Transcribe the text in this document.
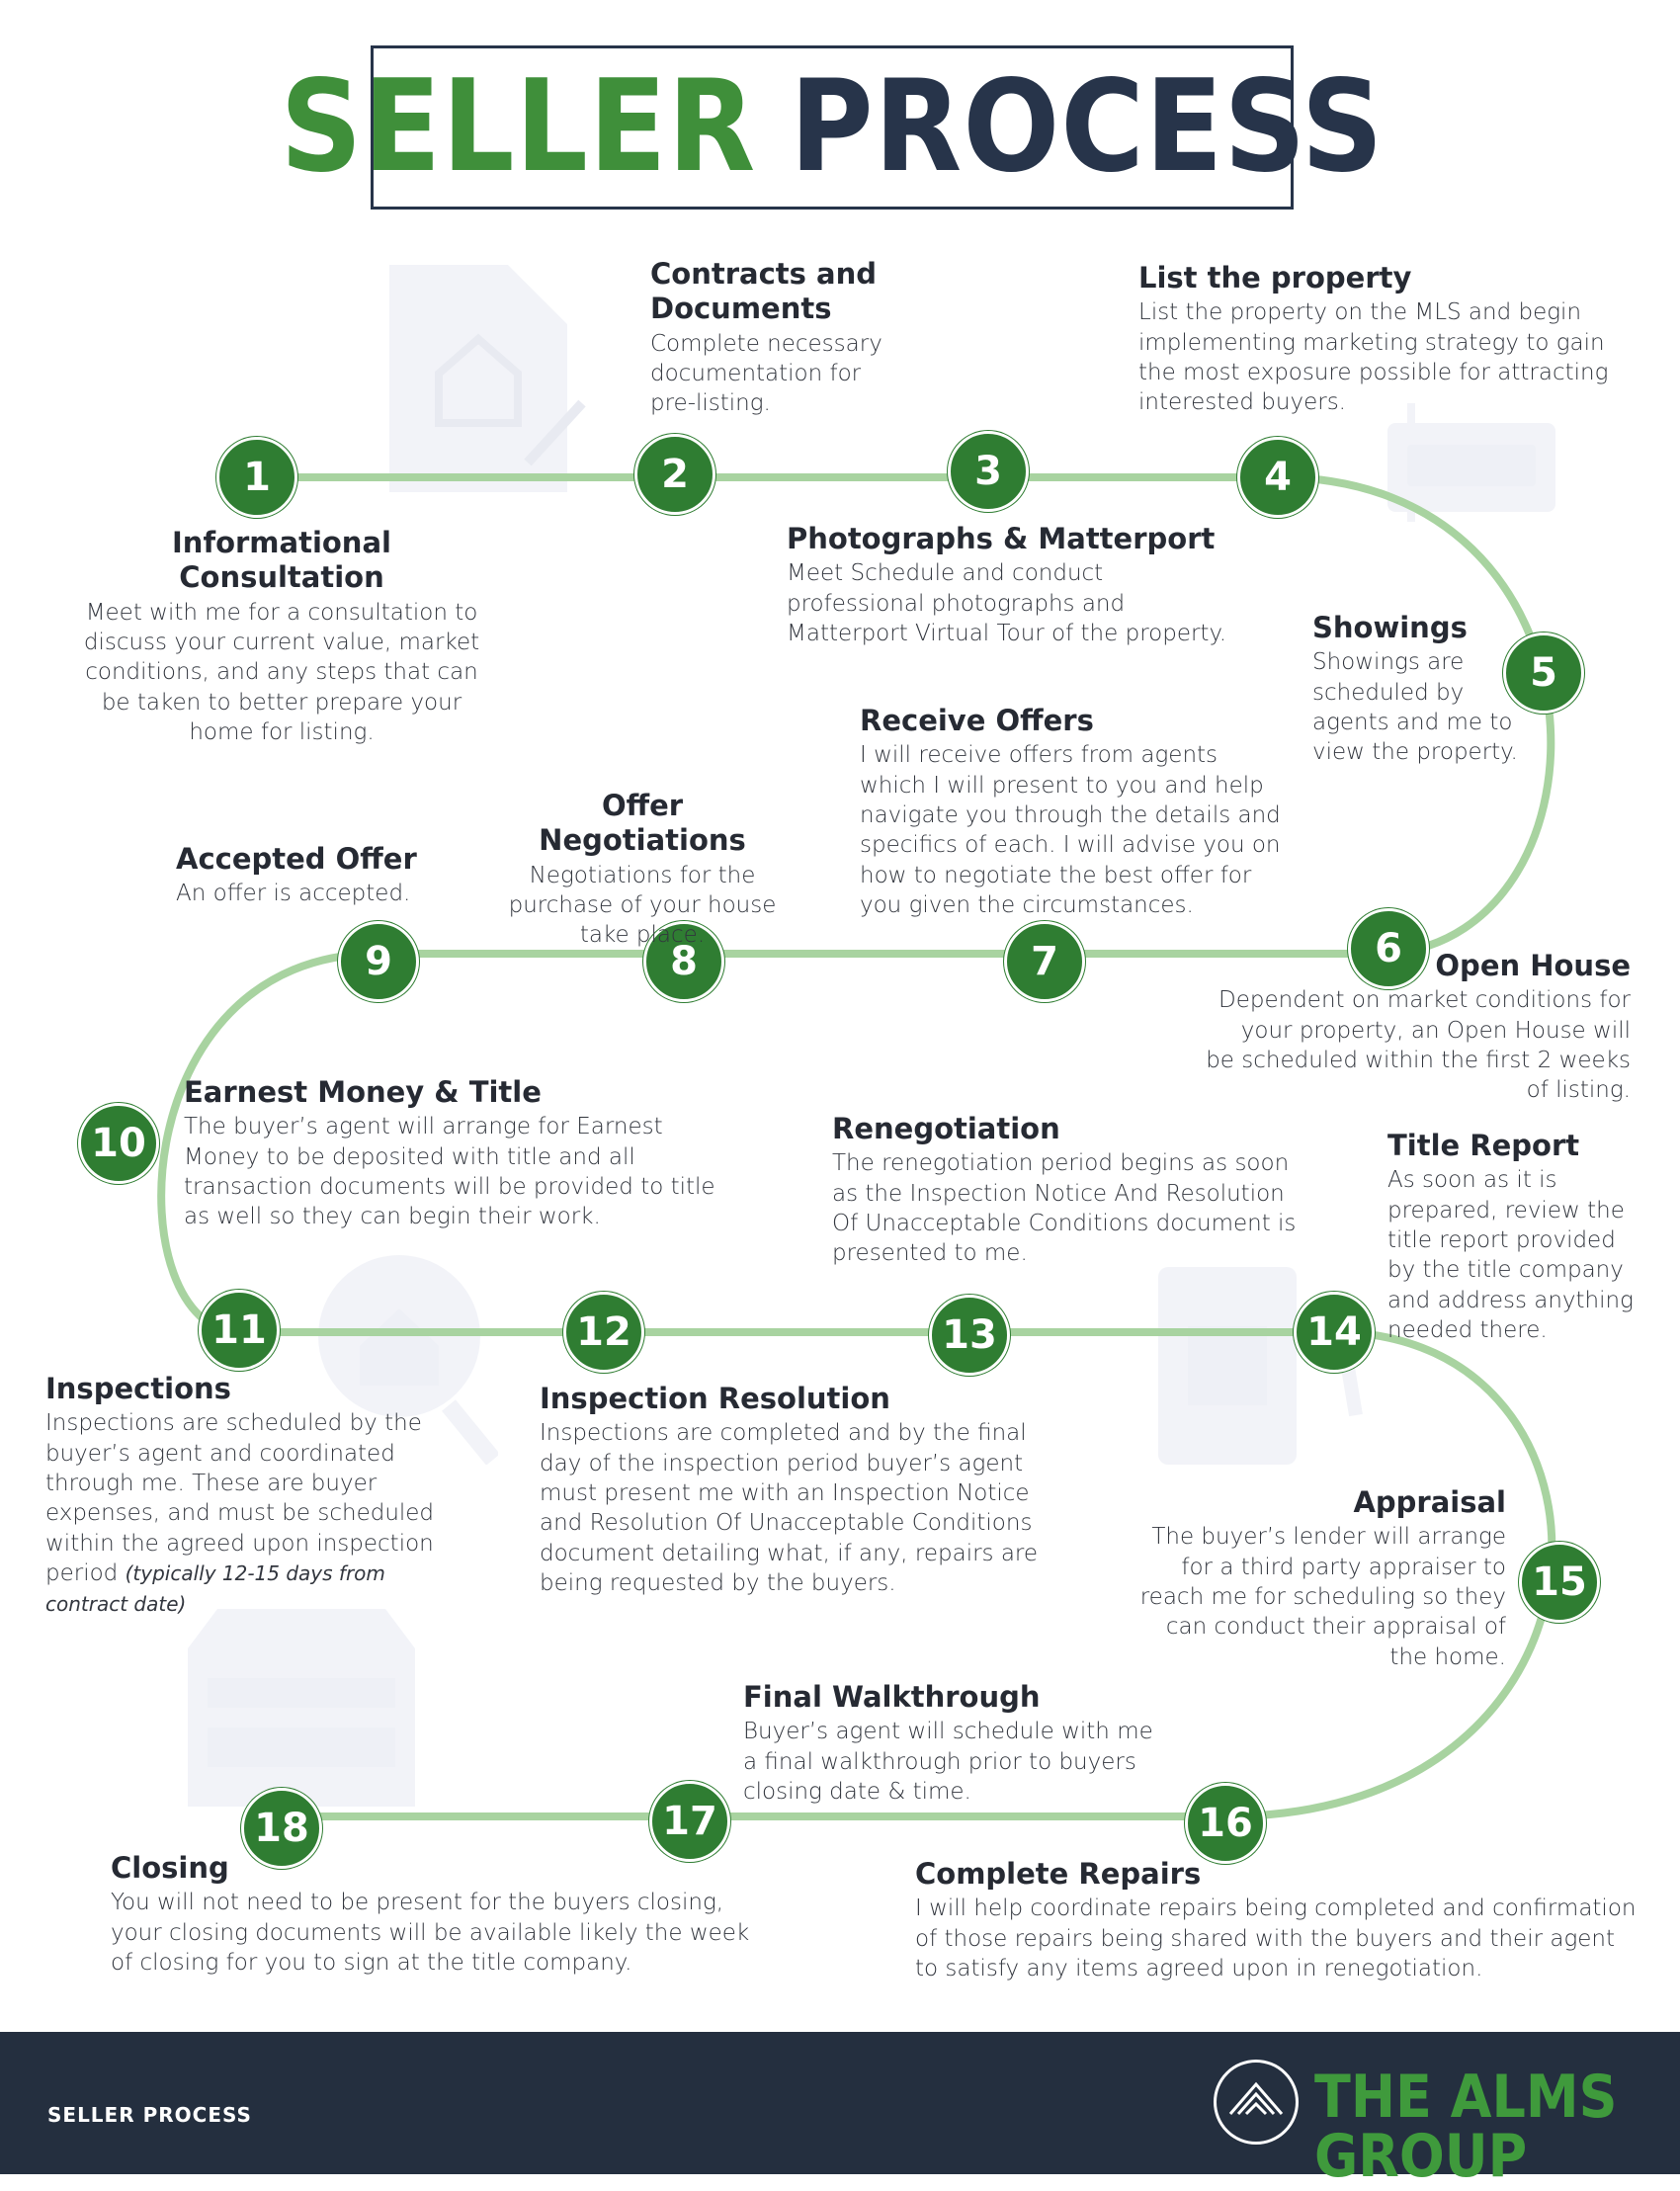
SELLER PROCESS
1	2	3	4
5
6
7
8
9
10
11	12	13	14
15
16
17
18
Informational Consultation

Meet with me for a consultation to discuss your current value, market conditions, and any steps that can be taken to better prepare your home for listing.

Contracts and Documents

Complete necessary documentation for pre-listing.

Photographs & Matterport

Meet Schedule and conduct professional photographs and Matterport Virtual Tour of the property.

List the property

List the property on the MLS and begin implementing marketing strategy to gain the most exposure possible for attracting interested buyers.

Showings

Showings are scheduled by agents and me to view the property.

Open House

Dependent on market conditions for your property, an Open House will be scheduled within the first 2 weeks of listing.

Receive Offers

I will receive offers from agents which I will present to you and help navigate you through the details and specifics of each. I will advise you on how to negotiate the best offer for you given the circumstances.

Offer Negotiations

Negotiations for the purchase of your house take place.

Accepted Offer

An offer is accepted.

Earnest Money & Title

The buyer’s agent will arrange for Earnest Money to be deposited with title and all transaction documents will be provided to title as well so they can begin their work.

Inspections

Inspections are scheduled by the buyer’s agent and coordinated through me. These are buyer expenses, and must be scheduled within the agreed upon inspection period (typically 12-15 days from contract date)

Inspection Resolution

Inspections are completed and by the final day of the inspection period buyer’s agent must present me with an Inspection Notice and Resolution Of Unacceptable Conditions document detailing what, if any, repairs are being requested by the buyers.

Renegotiation

The renegotiation period begins as soon as the Inspection Notice And Resolution Of Unacceptable Conditions document is presented to me.

Title Report

As soon as it is prepared, review the title report provided by the title company and address anything needed there.

Appraisal

The buyer’s lender will arrange for a third party appraiser to reach me for scheduling so they can conduct their appraisal of the home.

Complete Repairs

I will help coordinate repairs being completed and confirmation of those repairs being shared with the buyers and their agent to satisfy any items agreed upon in renegotiation.

Final Walkthrough

Buyer’s agent will schedule with me a final walkthrough prior to buyers closing date & time.

Closing

You will not need to be present for the buyers closing, your closing documents will be available likely the week of closing for you to sign at the title company.

SELLER PROCESS	THE ALMS GROUP
